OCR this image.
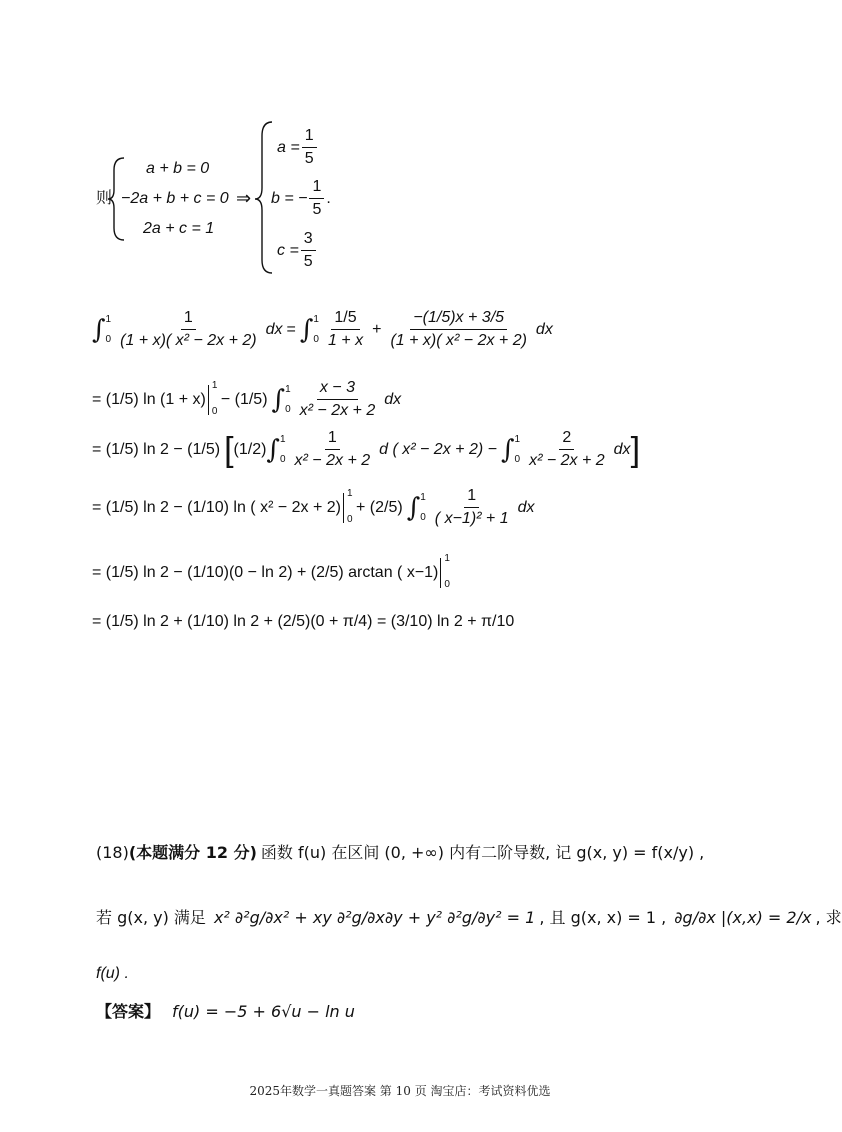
则
a + b = 0
−2a + b + c = 0
2a + c = 1
⇒
$a = \frac{1}{5}$
b = − $\frac{1}{5}$ .
$c = \frac{3}{5}$
∫ 1
$0 \frac{1}{\text{(1 + x)( x² − 2x + 2)}}$ dx = ∫ 1
$0 \frac{1/5}{1 + x} + \frac{-(1/5)x + 3/5}{\text{(1 + x)( x² − 2x + 2)}}$ dx
= (1/5) ln (1 + x)
1
0
− (1/5) ∫ 1
$0 \frac{x - 3}{\text{x² − 2x + 2}}$ dx
= (1/5) ln 2 − (1/5) [ (1/2) ∫ 1
$0 \frac{1}{\text{x² − 2x + 2}}$ d ( x² − 2x + 2) − ∫ 1
$0 \frac{2}{\text{x² − 2x + 2}}$ dx ]
= (1/5) ln 2 − (1/10) ln ( x² − 2x + 2)
1
0
+ (2/5) ∫ 1
$0 \frac{1}{\text{( x−1)² + 1}}$ dx
= (1/5) ln 2 − (1/10)(0 − ln 2) + (2/5) arctan ( x−1)
1
0
= (1/5) ln 2 + (1/10) ln 2 + (2/5)(0 + π/4) = (3/10) ln 2 + π/10
(18) (本题满分 12 分) 函数 f(u) 在区间 (0, +∞) 内有二阶导数, 记 g(x, y) = f(x/y) ,
若 g(x, y) 满足 x² ∂²g/∂x² + xy ∂²g/∂x∂y + y² ∂²g/∂y² = 1 , 且 g(x, x) = 1 , ∂g/∂x |(x,x) = 2/x , 求
f(u) .
【答案】 f(u) = −5 + 6√u − ln u
2025年数学一真题答案 第 10 页 淘宝店：考试资料优选
